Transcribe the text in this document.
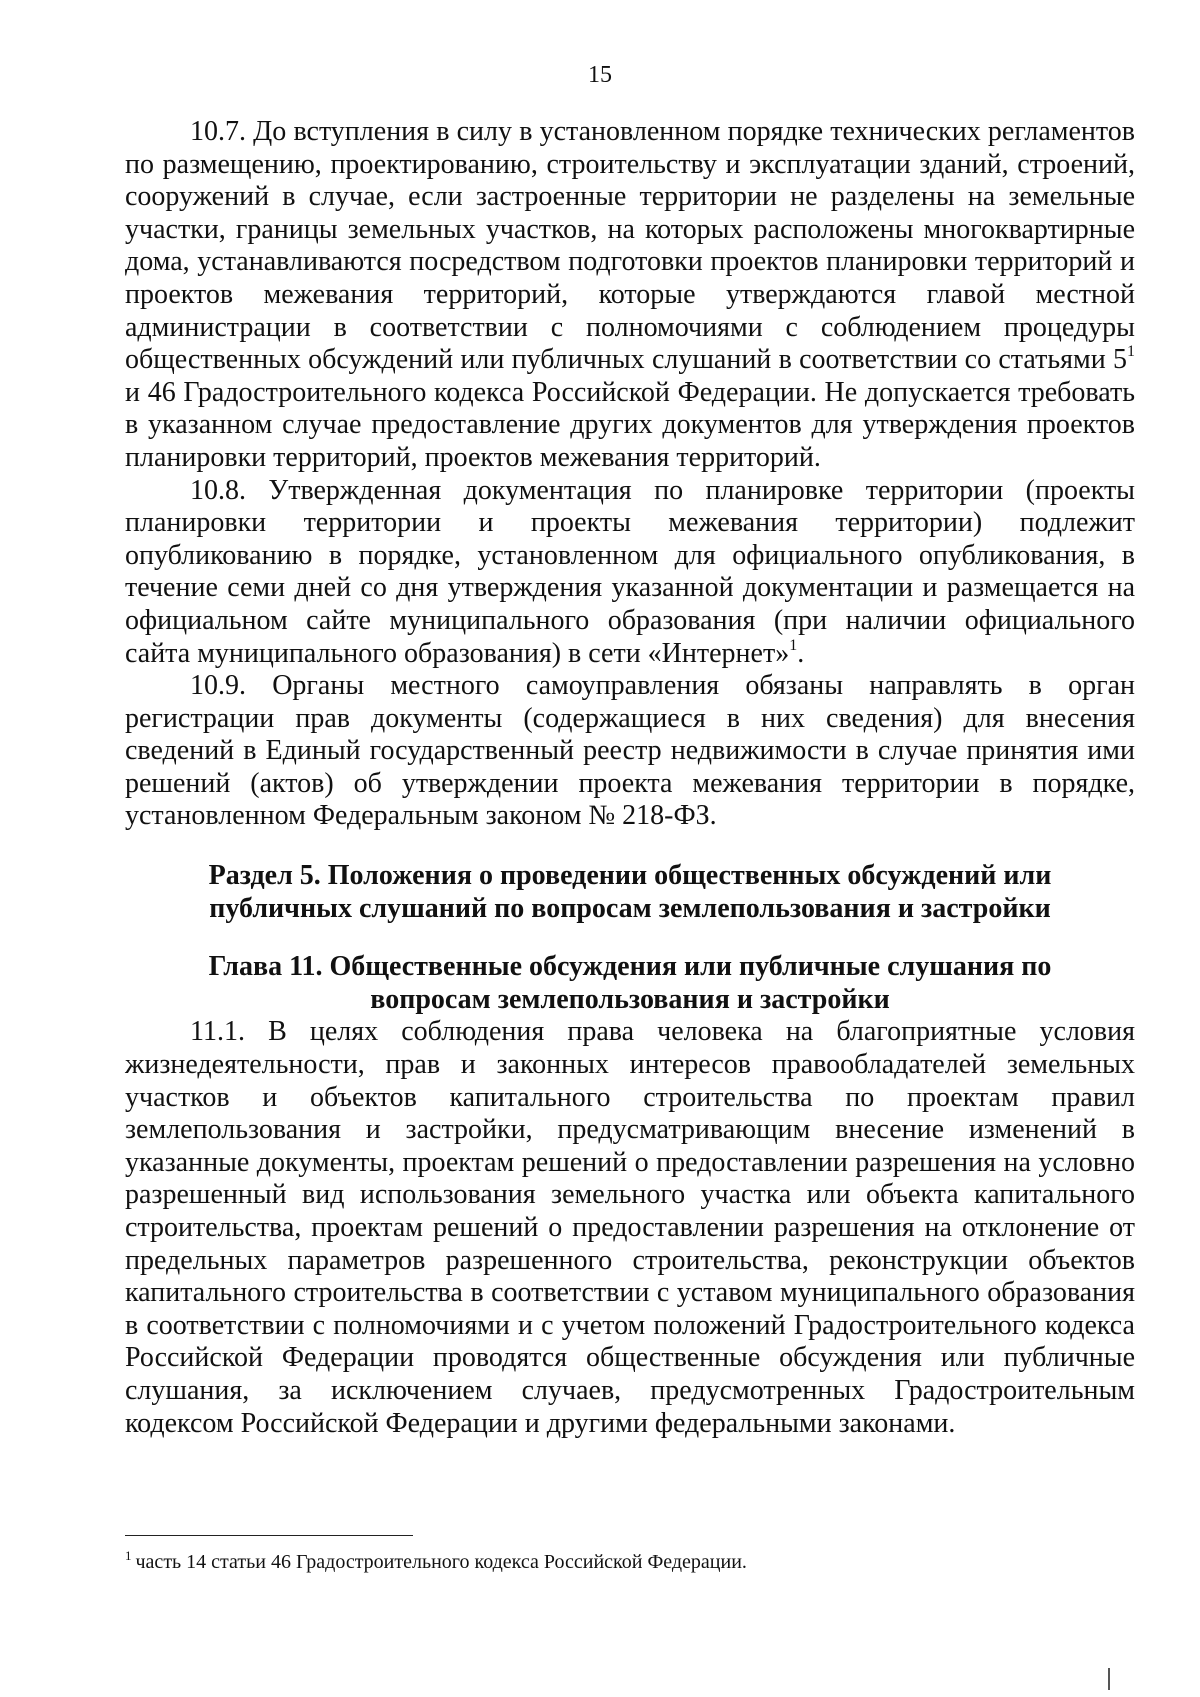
15

10.7. До вступления в силу в установленном порядке технических регламентов по размещению, проектированию, строительству и эксплуатации зданий, строений, сооружений в случае, если застроенные территории не разделены на земельные участки, границы земельных участков, на которых расположены многоквартирные дома, устанавливаются посредством подготовки проектов планировки территорий и проектов межевания территорий, которые утверждаются главой местной администрации в соответствии с полномочиями с соблюдением процедуры общественных обсуждений или публичных слушаний в соответствии со статьями $5^1$ и 46 Градостроительного кодекса Российской Федерации. Не допускается требовать в указанном случае предоставление других документов для утверждения проектов планировки территорий, проектов межевания территорий.

10.8. Утвержденная документация по планировке территории (проекты планировки территории и проекты межевания территории) подлежит опубликованию в порядке, установленном для официального опубликования, в течение семи дней со дня утверждения указанной документации и размещается на официальном сайте муниципального образования (при наличии официального сайта муниципального образования) в сети «Интернет»$^1$.

10.9. Органы местного самоуправления обязаны направлять в орган регистрации прав документы (содержащиеся в них сведения) для внесения сведений в Единый государственный реестр недвижимости в случае принятия ими решений (актов) об утверждении проекта межевания территории в порядке, установленном Федеральным законом № 218-ФЗ.

Раздел 5. Положения о проведении общественных обсуждений или
публичных слушаний по вопросам землепользования и застройки
Глава 11. Общественные обсуждения или публичные слушания по
вопросам землепользования и застройки

11.1. В целях соблюдения права человека на благоприятные условия жизнедеятельности, прав и законных интересов правообладателей земельных участков и объектов капитального строительства по проектам правил землепользования и застройки, предусматривающим внесение изменений в указанные документы, проектам решений о предоставлении разрешения на условно разрешенный вид использования земельного участка или объекта капитального строительства, проектам решений о предоставлении разрешения на отклонение от предельных параметров разрешенного строительства, реконструкции объектов капитального строительства в соответствии с уставом муниципального образования в соответствии с полномочиями и с учетом положений Градостроительного кодекса Российской Федерации проводятся общественные обсуждения или публичные слушания, за исключением случаев, предусмотренных Градостроительным кодексом Российской Федерации и другими федеральными законами.

$^1$ часть 14 статьи 46 Градостроительного кодекса Российской Федерации.
